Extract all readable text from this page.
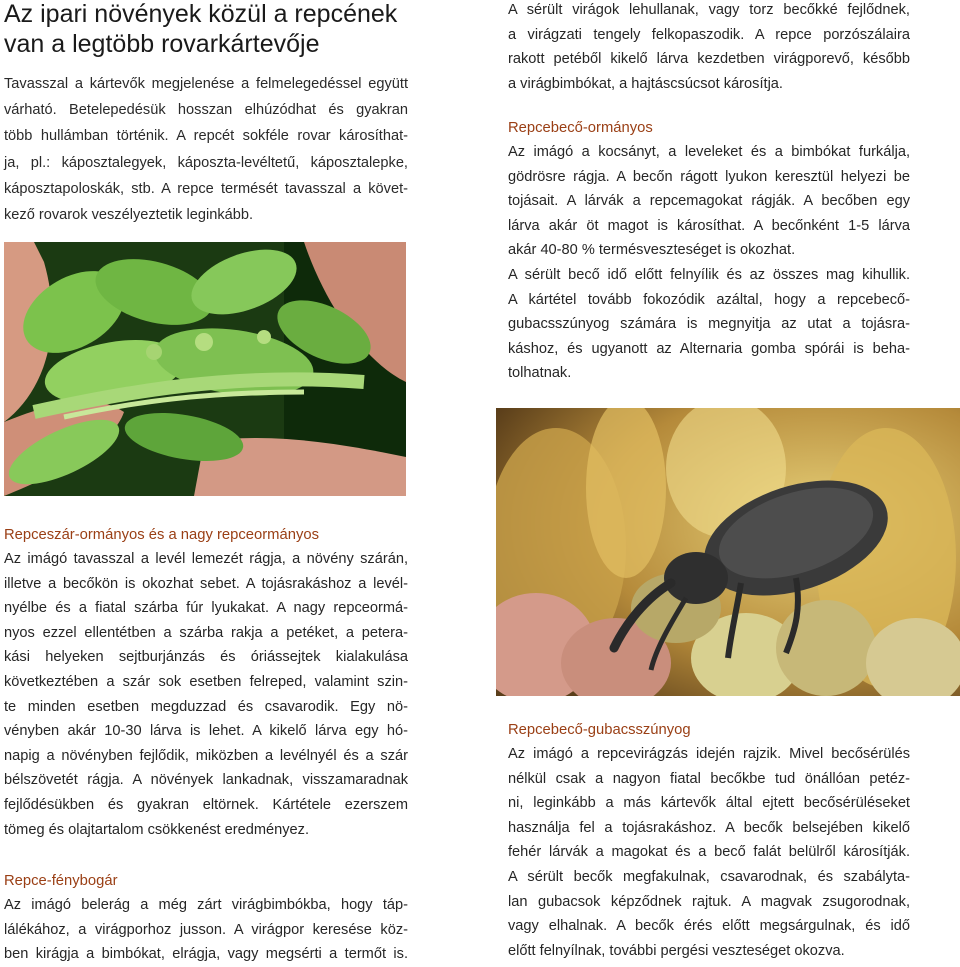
Az ipari növények közül a repcének
van a legtöbb rovarkártevője
Tavasszal a kártevők megjelenése a felmelegedéssel együtt
várható. Betelepedésük hosszan elhúzódhat és gyakran
több hullámban történik. A repcét sokféle rovar károsíthat-
ja, pl.: káposztalegyek, káposzta-levéltetű, káposztalepke,
káposztapoloskák, stb. A repce termését tavasszal a követ-
kező rovarok veszélyeztetik leginkább.
A sérült virágok lehullanak, vagy torz becőkké fejlődnek,
a virágzati tengely felkopaszodik. A repce porzószálaira
rakott petéből kikelő lárva kezdetben virágporevő, később
a virágbimbókat, a hajtáscsúcsot károsítja.
Repcebecő-ormányos
Az imágó a kocsányt, a leveleket és a bimbókat furkálja,
gödrösre rágja. A becőn rágott lyukon keresztül helyezi be
tojásait. A lárvák a repcemagokat rágják. A becőben egy
lárva akár öt magot is károsíthat. A becőnként 1-5 lárva
akár 40-80 % termésveszteséget is okozhat.
A sérült becő idő előtt felnyílik és az összes mag kihullik.
A kártétel tovább fokozódik azáltal, hogy a repcebecő-
gubacsszúnyog számára is megnyitja az utat a tojásra-
káshoz, és ugyanott az Alternaria gomba spórái is beha-
tolhatnak.
Repceszár-ormányos és a nagy repceormányos
Az imágó tavasszal a levél lemezét rágja, a növény szárán,
illetve a becőkön is okozhat sebet. A tojásrakáshoz a levél-
nyélbe és a fiatal szárba fúr lyukakat. A nagy repceormá-
nyos ezzel ellentétben a szárba rakja a petéket, a petera-
kási helyeken sejtburjánzás és óriássejtek kialakulása
következtében a szár sok esetben felreped, valamint szin-
te minden esetben megduzzad és csavarodik. Egy nö-
vényben akár 10-30 lárva is lehet. A kikelő lárva egy hó-
napig a növényben fejlődik, miközben a levélnyél és a szár
bélszövetét rágja. A növények lankadnak, visszamaradnak
fejlődésükben és gyakran eltörnek. Kártétele ezerszem
tömeg és olajtartalom csökkenést eredményez.
Repce-fénybogár
Az imágó belerág a még zárt virágbimbókba, hogy táp-
lálékához, a virágporhoz jusson. A virágpor keresése köz-
ben kirágja a bimbókat, elrágja, vagy megsérti a termőt is.
Repcebecő-gubacsszúnyog
Az imágó a repcevirágzás idején rajzik. Mivel becősérülés
nélkül csak a nagyon fiatal becőkbe tud önállóan petéz-
ni, leginkább a más kártevők által ejtett becősérüléseket
használja fel a tojásrakáshoz. A becők belsejében kikelő
fehér lárvák a magokat és a becő falát belülről károsítják.
A sérült becők megfakulnak, csavarodnak, és szabályta-
lan gubacsok képződnek rajtuk. A magvak zsugorodnak,
vagy elhalnak. A becők érés előtt megsárgulnak, és idő
előtt felnyílnak, további pergési veszteséget okozva.
